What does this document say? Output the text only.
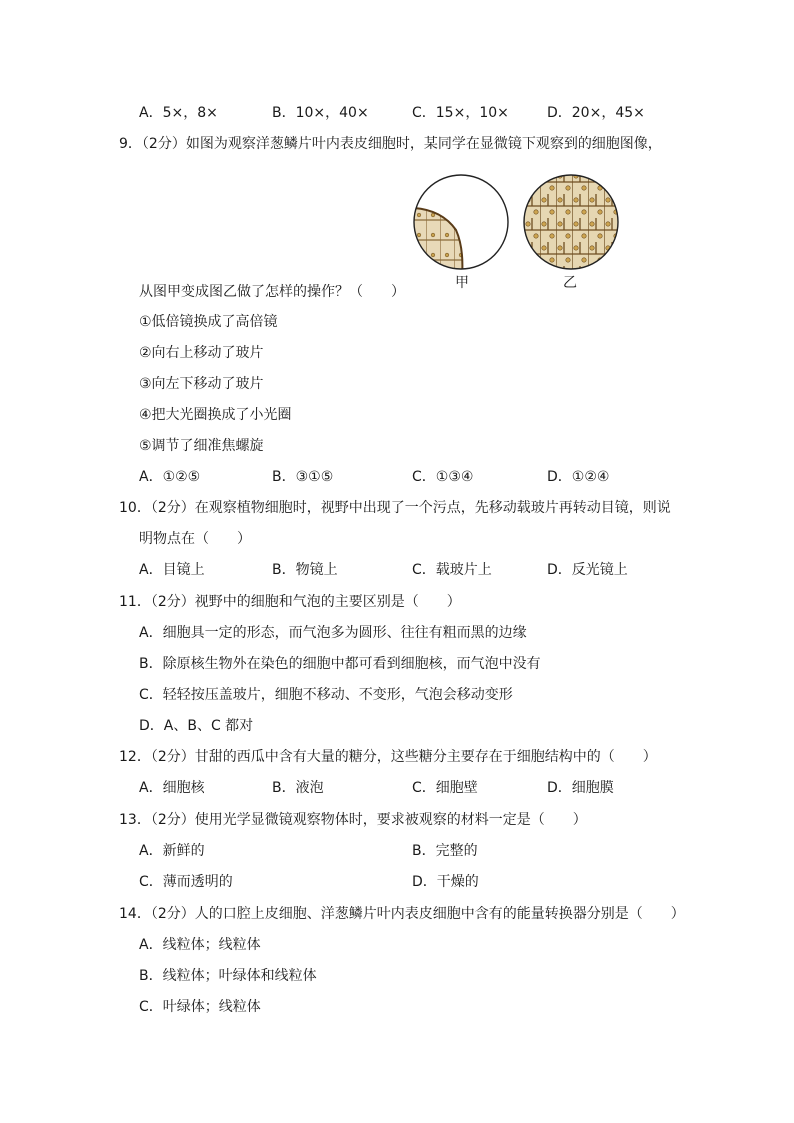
A．5×，8×	B．10×，40×	C．15×，10×	D．20×，45×
9．（2分）如图为观察洋葱鳞片叶内表皮细胞时，某同学在显微镜下观察到的细胞图像，
甲	乙
从图甲变成图乙做了怎样的操作？（　　）
①低倍镜换成了高倍镜
②向右上移动了玻片
③向左下移动了玻片
④把大光圈换成了小光圈
⑤调节了细准焦螺旋
A．①②⑤	B．③①⑤	C．①③④	D．①②④
10．（2分）在观察植物细胞时，视野中出现了一个污点，先移动载玻片再转动目镜，则说
明物点在（　　）
A．目镜上	B．物镜上	C．载玻片上	D．反光镜上
11．（2分）视野中的细胞和气泡的主要区别是（　　）
A．细胞具一定的形态，而气泡多为圆形、往往有粗而黑的边缘
B．除原核生物外在染色的细胞中都可看到细胞核，而气泡中没有
C．轻轻按压盖玻片，细胞不移动、不变形，气泡会移动变形
D．A、B、C 都对
12．（2分）甘甜的西瓜中含有大量的糖分，这些糖分主要存在于细胞结构中的（　　）
A．细胞核	B．液泡	C．细胞壁	D．细胞膜
13．（2分）使用光学显微镜观察物体时，要求被观察的材料一定是（　　）
A．新鲜的	B．完整的
C．薄而透明的	D．干燥的
14．（2分）人的口腔上皮细胞、洋葱鳞片叶内表皮细胞中含有的能量转换器分别是（　　）
A．线粒体；线粒体
B．线粒体；叶绿体和线粒体
C．叶绿体；线粒体
